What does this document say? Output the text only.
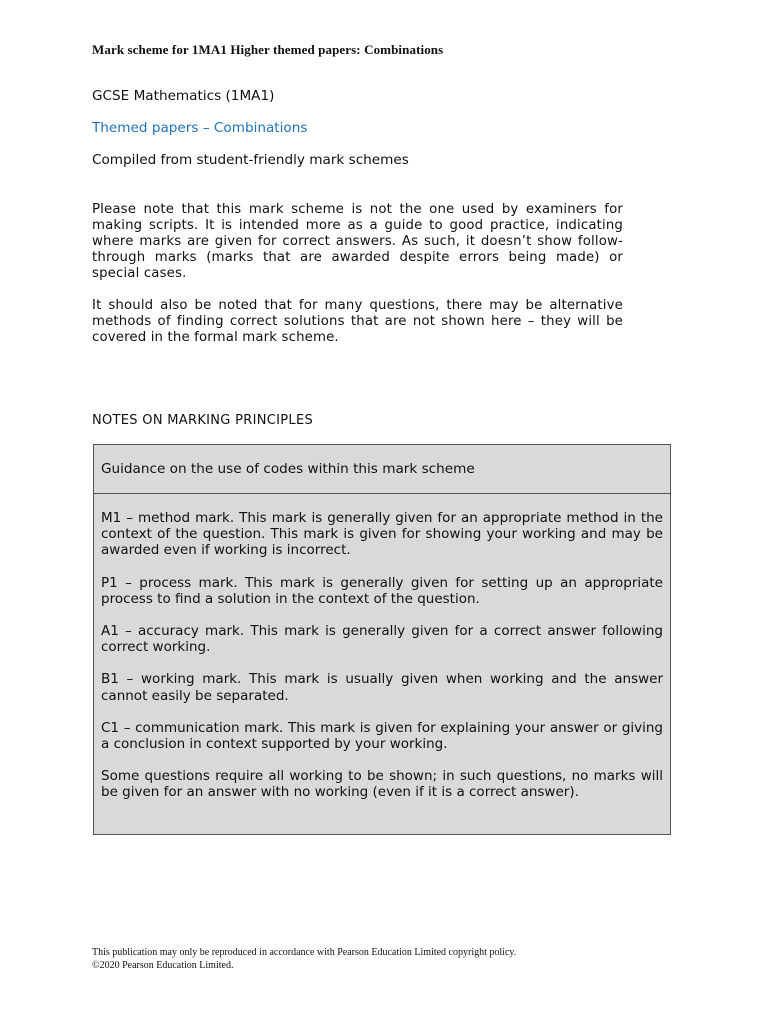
Mark scheme for 1MA1 Higher themed papers: Combinations
GCSE Mathematics (1MA1)
Themed papers – Combinations
Compiled from student-friendly mark schemes
Please note that this mark scheme is not the one used by examiners for making scripts. It is intended more as a guide to good practice, indicating where marks are given for correct answers. As such, it doesn’t show follow-through marks (marks that are awarded despite errors being made) or special cases.
It should also be noted that for many questions, there may be alternative methods of finding correct solutions that are not shown here – they will be covered in the formal mark scheme.
NOTES ON MARKING PRINCIPLES
Guidance on the use of codes within this mark scheme

M1 – method mark. This mark is generally given for an appropriate method in the context of the question. This mark is given for showing your working and may be awarded even if working is incorrect.

P1 – process mark. This mark is generally given for setting up an appropriate process to find a solution in the context of the question.

A1 – accuracy mark. This mark is generally given for a correct answer following correct working.

B1 – working mark. This mark is usually given when working and the answer cannot easily be separated.

C1 – communication mark. This mark is given for explaining your answer or giving a conclusion in context supported by your working.

Some questions require all working to be shown; in such questions, no marks will be given for an answer with no working (even if it is a correct answer).

This publication may only be reproduced in accordance with Pearson Education Limited copyright policy.
©2020 Pearson Education Limited.
